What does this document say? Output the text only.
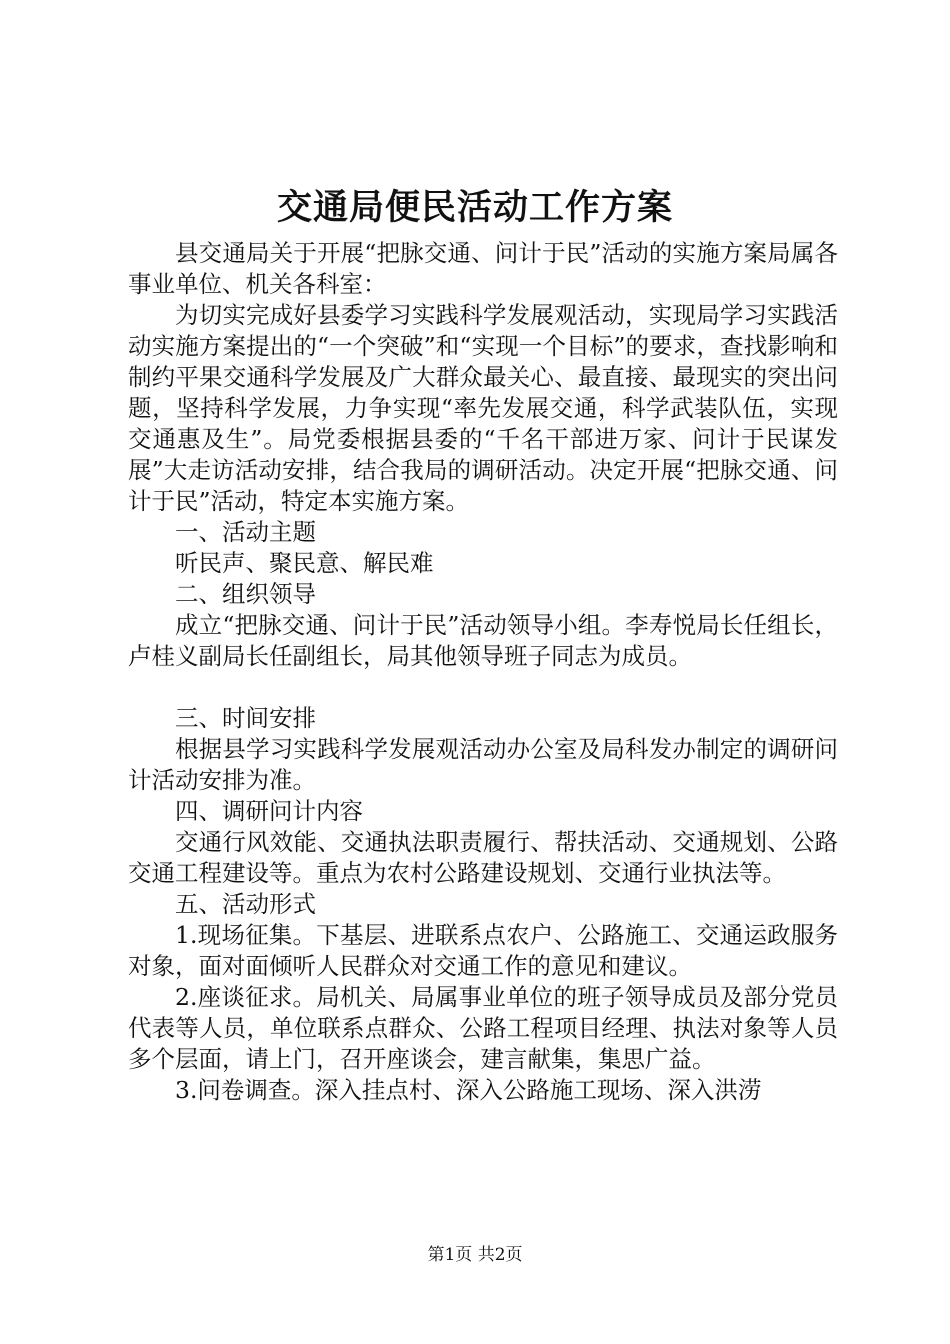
交通局便民活动工作方案

县交通局关于开展“把脉交通、问计于民”活动的实施方案局属各事业单位、机关各科室：

为切实完成好县委学习实践科学发展观活动，实现局学习实践活动实施方案提出的“一个突破”和“实现一个目标”的要求，查找影响和制约平果交通科学发展及广大群众最关心、最直接、最现实的突出问题，坚持科学发展，力争实现“率先发展交通，科学武装队伍，实现交通惠及生”。局党委根据县委的“千名干部进万家、问计于民谋发展”大走访活动安排，结合我局的调研活动。决定开展“把脉交通、问计于民”活动，特定本实施方案。

一、活动主题

听民声、聚民意、解民难

二、组织领导

成立“把脉交通、问计于民”活动领导小组。李寿悦局长任组长，卢桂义副局长任副组长，局其他领导班子同志为成员。

三、时间安排

根据县学习实践科学发展观活动办公室及局科发办制定的调研问计活动安排为准。

四、调研问计内容

交通行风效能、交通执法职责履行、帮扶活动、交通规划、公路交通工程建设等。重点为农村公路建设规划、交通行业执法等。

五、活动形式

1.现场征集。下基层、进联系点农户、公路施工、交通运政服务对象，面对面倾听人民群众对交通工作的意见和建议。

2.座谈征求。局机关、局属事业单位的班子领导成员及部分党员代表等人员，单位联系点群众、公路工程项目经理、执法对象等人员多个层面，请上门，召开座谈会，建言献集，集思广益。

3.问卷调查。深入挂点村、深入公路施工现场、深入洪涝

第1页 共2页
